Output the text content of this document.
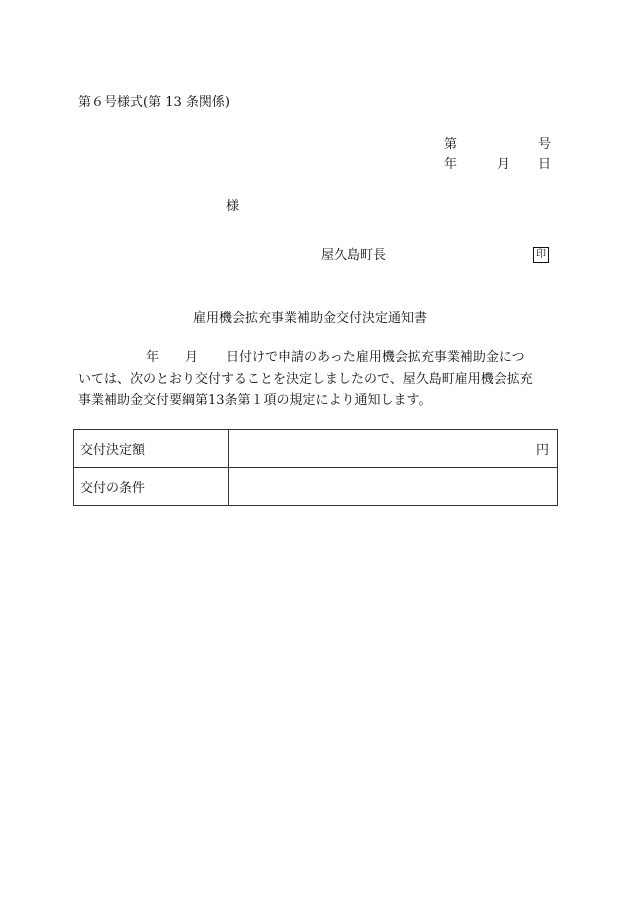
第６号様式(第 13 条関係)
第	号
年	月 日
様
屋久島町長	印
雇用機会拡充事業補助金交付決定通知書
年 月 日付けで申請のあった雇用機会拡充事業補助金につ
いては、次のとおり交付することを決定しましたので、屋久島町雇用機会拡充
事業補助金交付要綱第13条第１項の規定により通知します。
交付決定額	円
交付の条件	
